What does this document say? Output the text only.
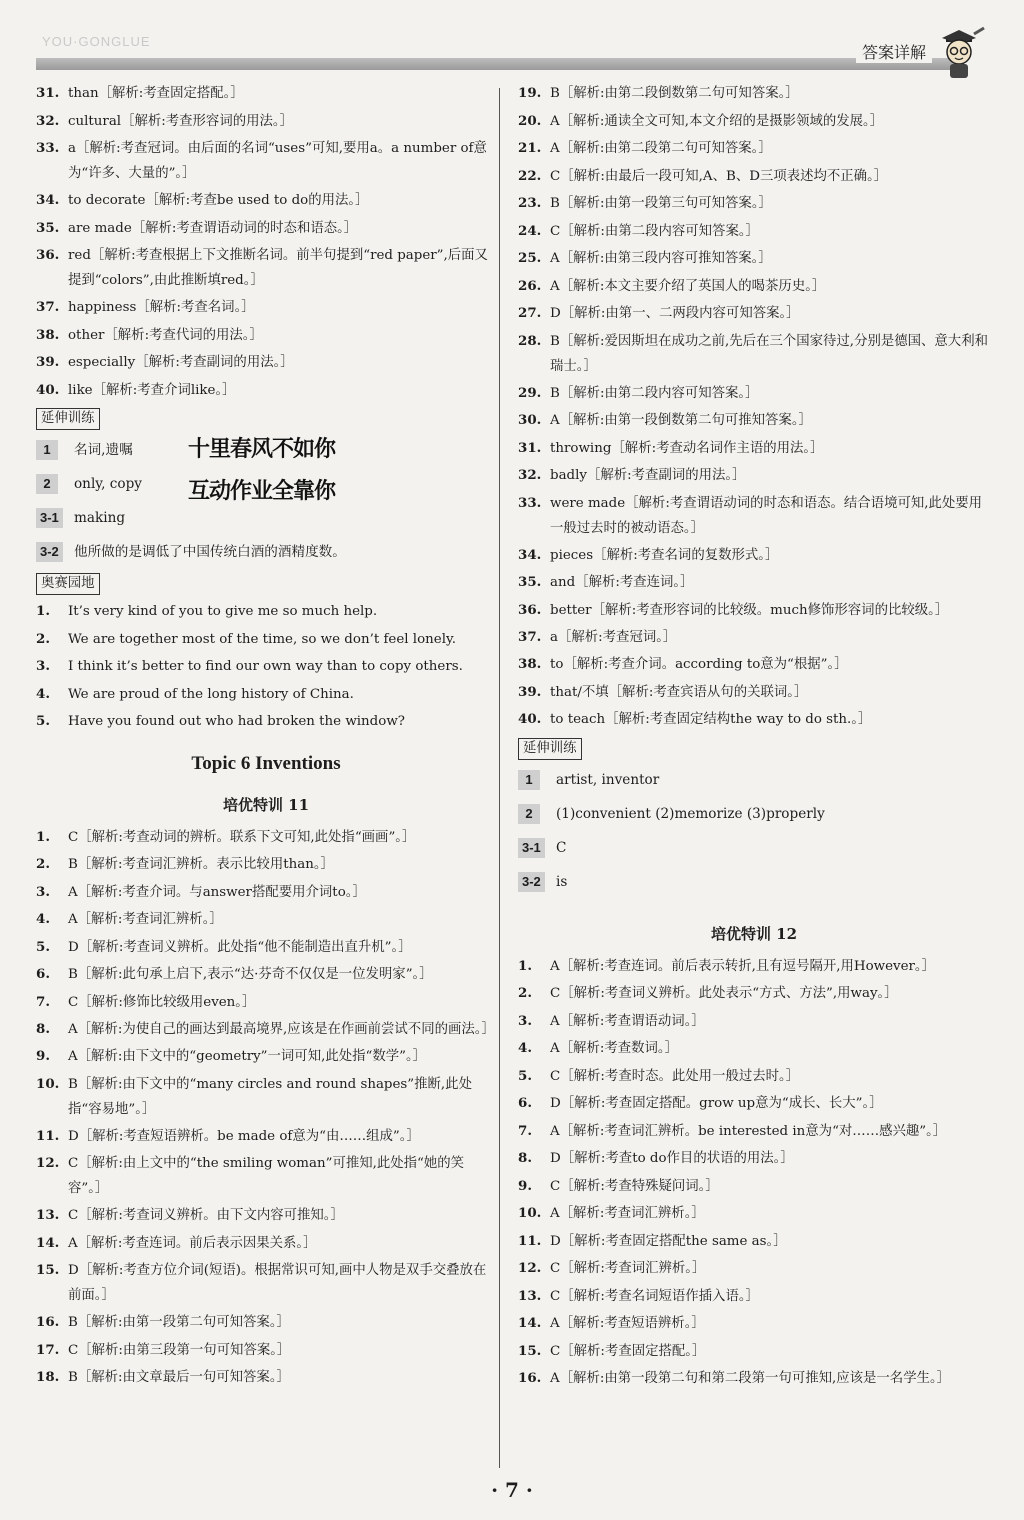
YOU·GONGLUE
答案详解
31. than［解析:考查固定搭配。］
32. cultural［解析:考查形容词的用法。］
33. a［解析:考查冠词。由后面的名词“uses”可知,要用a。a number of意为“许多、大量的”。］
34. to decorate［解析:考查be used to do的用法。］
35. are made［解析:考查谓语动词的时态和语态。］
36. red［解析:考查根据上下文推断名词。前半句提到“red paper”,后面又提到“colors”,由此推断填red。］
37. happiness［解析:考查名词。］
38. other［解析:考查代词的用法。］
39. especially［解析:考查副词的用法。］
40. like［解析:考查介词like。］
延伸训练
1	名词,遗嘱
2	only, copy
3-1 making
3-2 他所做的是调低了中国传统白酒的酒精度数。
奥赛园地
1. It’s very kind of you to give me so much help.
2. We are together most of the time, so we don’t feel lonely.
3. I think it’s better to find our own way than to copy others.
4. We are proud of the long history of China.
5. Have you found out who had broken the window?
Topic 6 Inventions
培优特训 11
1. C［解析:考查动词的辨析。联系下文可知,此处指“画画”。］
2. B［解析:考查词汇辨析。表示比较用than。］
3. A［解析:考查介词。与answer搭配要用介词to。］
4. A［解析:考查词汇辨析。］
5. D［解析:考查词义辨析。此处指“他不能制造出直升机”。］
6. B［解析:此句承上启下,表示“达·芬奇不仅仅是一位发明家”。］
7. C［解析:修饰比较级用even。］
8. A［解析:为使自己的画达到最高境界,应该是在作画前尝试不同的画法。］
9. A［解析:由下文中的“geometry”一词可知,此处指“数学”。］
10. B［解析:由下文中的“many circles and round shapes”推断,此处指“容易地”。］
11. D［解析:考查短语辨析。be made of意为“由……组成”。］
12. C［解析:由上文中的“the smiling woman”可推知,此处指“她的笑容”。］
13. C［解析:考查词义辨析。由下文内容可推知。］
14. A［解析:考查连词。前后表示因果关系。］
15. D［解析:考查方位介词(短语)。根据常识可知,画中人物是双手交叠放在前面。］
16. B［解析:由第一段第二句可知答案。］
17. C［解析:由第三段第一句可知答案。］
18. B［解析:由文章最后一句可知答案。］
十里春风不如你
互动作业全靠你
19. B［解析:由第二段倒数第二句可知答案。］
20. A［解析:通读全文可知,本文介绍的是摄影领域的发展。］
21. A［解析:由第二段第二句可知答案。］
22. C［解析:由最后一段可知,A、B、D三项表述均不正确。］
23. B［解析:由第一段第三句可知答案。］
24. C［解析:由第二段内容可知答案。］
25. A［解析:由第三段内容可推知答案。］
26. A［解析:本文主要介绍了英国人的喝茶历史。］
27. D［解析:由第一、二两段内容可知答案。］
28. B［解析:爱因斯坦在成功之前,先后在三个国家待过,分别是德国、意大利和瑞士。］
29. B［解析:由第二段内容可知答案。］
30. A［解析:由第一段倒数第二句可推知答案。］
31. throwing［解析:考查动名词作主语的用法。］
32. badly［解析:考查副词的用法。］
33. were made［解析:考查谓语动词的时态和语态。结合语境可知,此处要用一般过去时的被动语态。］
34. pieces［解析:考查名词的复数形式。］
35. and［解析:考查连词。］
36. better［解析:考查形容词的比较级。much修饰形容词的比较级。］
37. a［解析:考查冠词。］
38. to［解析:考查介词。according to意为“根据”。］
39. that/不填［解析:考查宾语从句的关联词。］
40. to teach［解析:考查固定结构the way to do sth.。］
延伸训练
1	artist, inventor
2	(1)convenient (2)memorize (3)properly
3-1 C
3-2 is
培优特训 12
1. A［解析:考查连词。前后表示转折,且有逗号隔开,用However。］
2. C［解析:考查词义辨析。此处表示“方式、方法”,用way。］
3. A［解析:考查谓语动词。］
4. A［解析:考查数词。］
5. C［解析:考查时态。此处用一般过去时。］
6. D［解析:考查固定搭配。grow up意为“成长、长大”。］
7. A［解析:考查词汇辨析。be interested in意为“对……感兴趣”。］
8. D［解析:考查to do作目的状语的用法。］
9. C［解析:考查特殊疑问词。］
10. A［解析:考查词汇辨析。］
11. D［解析:考查固定搭配the same as。］
12. C［解析:考查词汇辨析。］
13. C［解析:考查名词短语作插入语。］
14. A［解析:考查短语辨析。］
15. C［解析:考查固定搭配。］
16. A［解析:由第一段第二句和第二段第一句可推知,应该是一名学生。］
· 7 ·
